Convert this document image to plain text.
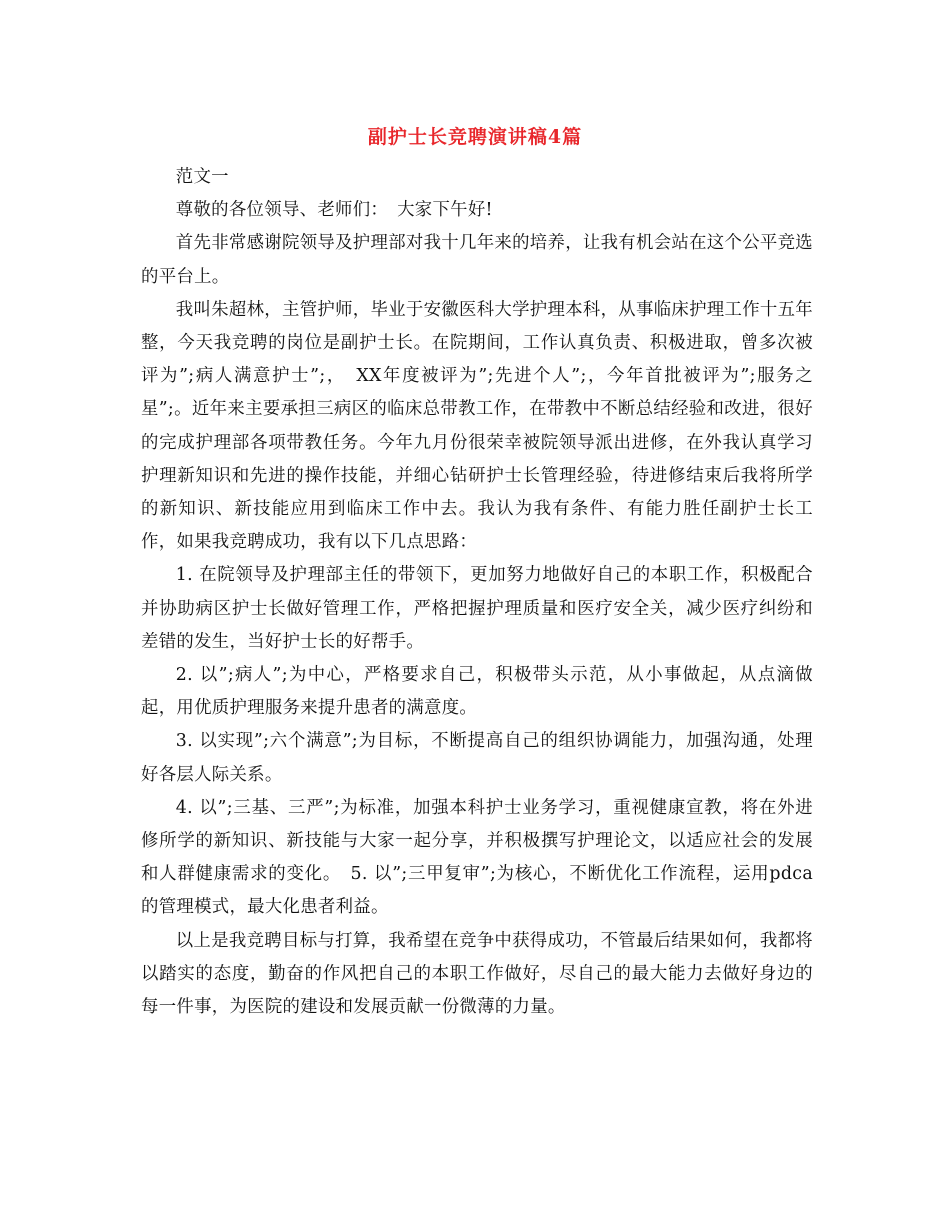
副护士长竞聘演讲稿4篇

范文一

尊敬的各位领导、老师们：　大家下午好!

首先非常感谢院领导及护理部对我十几年来的培养，让我有机会站在这个公平竞选的平台上。

我叫朱超林，主管护师，毕业于安徽医科大学护理本科，从事临床护理工作十五年整，今天我竞聘的岗位是副护士长。在院期间，工作认真负责、积极进取，曾多次被评为”;病人满意护士”;，　XX年度被评为”;先进个人”;，今年首批被评为”;服务之星”;。近年来主要承担三病区的临床总带教工作，在带教中不断总结经验和改进，很好的完成护理部各项带教任务。今年九月份很荣幸被院领导派出进修，在外我认真学习护理新知识和先进的操作技能，并细心钻研护士长管理经验，待进修结束后我将所学的新知识、新技能应用到临床工作中去。我认为我有条件、有能力胜任副护士长工作，如果我竞聘成功，我有以下几点思路：

1. 在院领导及护理部主任的带领下，更加努力地做好自己的本职工作，积极配合并协助病区护士长做好管理工作，严格把握护理质量和医疗安全关，减少医疗纠纷和差错的发生，当好护士长的好帮手。

2. 以”;病人”;为中心，严格要求自己，积极带头示范，从小事做起，从点滴做起，用优质护理服务来提升患者的满意度。

3. 以实现”;六个满意”;为目标，不断提高自己的组织协调能力，加强沟通，处理好各层人际关系。

4. 以”;三基、三严”;为标准，加强本科护士业务学习，重视健康宣教，将在外进修所学的新知识、新技能与大家一起分享，并积极撰写护理论文，以适应社会的发展和人群健康需求的变化。　5. 以”;三甲复审”;为核心，不断优化工作流程，运用pdca的管理模式，最大化患者利益。

以上是我竞聘目标与打算，我希望在竞争中获得成功，不管最后结果如何，我都将以踏实的态度，勤奋的作风把自己的本职工作做好，尽自己的最大能力去做好身边的每一件事，为医院的建设和发展贡献一份微薄的力量。
